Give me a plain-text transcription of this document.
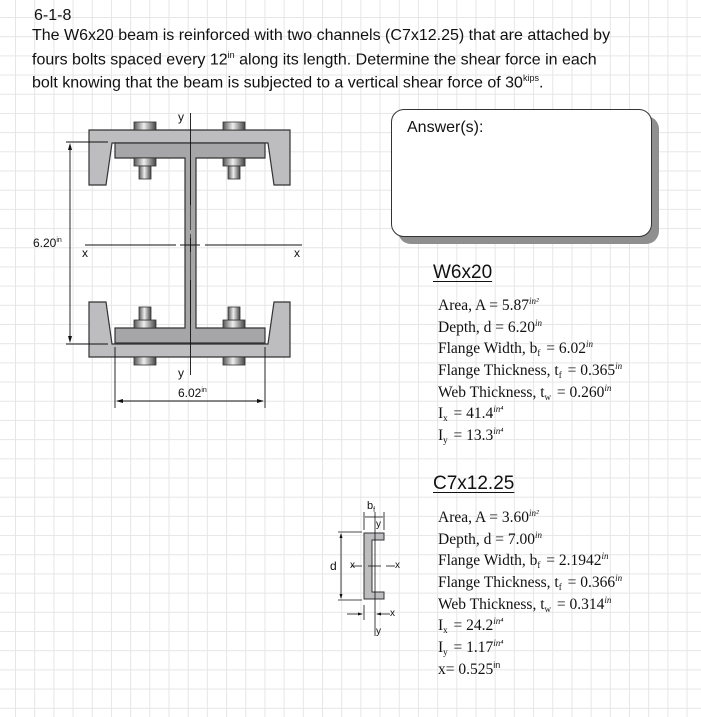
6-1-8
The W6x20 beam is reinforced with two channels (C7x12.25) that are attached by
fours bolts spaced every $12^{in}$ along its length. Determine the shear force in each
bolt knowing that the beam is subjected to a vertical shear force of $30^{kips}$.
Answer(s):
y
y
x	x
$6.20^{in}$
$6.02^{in}$
$b_f$
y
y
d x	x
x
W6x20
Area, $A = 5.87^{in^2}$
Depth, $d = 6.20^{in}$
Flange Width, $b_f = 6.02^{in}$
Flange Thickness, $t_f = 0.365^{in}$
Web Thickness, $t_w = 0.260^{in}$
$I_x = 41.4^{in^4}$
$I_y = 13.3^{in^4}$
C7x12.25
Area, $A = 3.60^{in^2}$
Depth, $d = 7.00^{in}$
Flange Width, $b_f = 2.1942^{in}$
Flange Thickness, $t_f = 0.366^{in}$
Web Thickness, $t_w = 0.314^{in}$
$I_x = 24.2^{in^4}$
$I_y = 1.17^{in^4}$
$x= 0.525^{in}$
